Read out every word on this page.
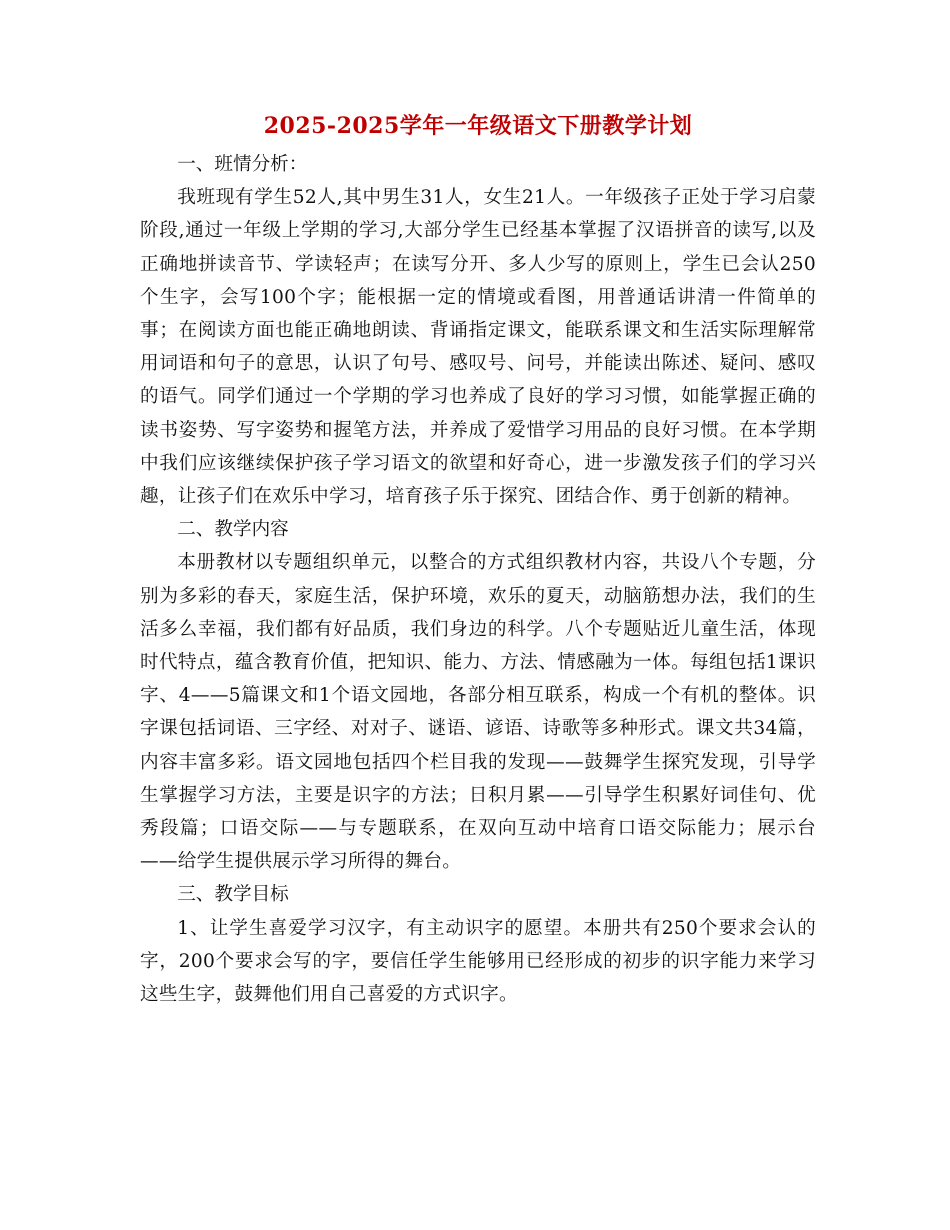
2025-2025学年一年级语文下册教学计划

一、班情分析：

我班现有学生52人,其中男生31人，女生21人。一年级孩子正处于学习启蒙阶段,通过一年级上学期的学习,大部分学生已经基本掌握了汉语拼音的读写,以及正确地拼读音节、学读轻声；在读写分开、多人少写的原则上，学生已会认250个生字，会写100个字；能根据一定的情境或看图，用普通话讲清一件简单的事；在阅读方面也能正确地朗读、背诵指定课文，能联系课文和生活实际理解常用词语和句子的意思，认识了句号、感叹号、问号，并能读出陈述、疑问、感叹的语气。同学们通过一个学期的学习也养成了良好的学习习惯，如能掌握正确的读书姿势、写字姿势和握笔方法，并养成了爱惜学习用品的良好习惯。在本学期中我们应该继续保护孩子学习语文的欲望和好奇心，进一步激发孩子们的学习兴趣，让孩子们在欢乐中学习，培育孩子乐于探究、团结合作、勇于创新的精神。

二、教学内容

本册教材以专题组织单元，以整合的方式组织教材内容，共设八个专题，分别为多彩的春天，家庭生活，保护环境，欢乐的夏天，动脑筋想办法，我们的生活多么幸福，我们都有好品质，我们身边的科学。八个专题贴近儿童生活，体现时代特点，蕴含教育价值，把知识、能力、方法、情感融为一体。每组包括1课识字、4——5篇课文和1个语文园地，各部分相互联系，构成一个有机的整体。识字课包括词语、三字经、对对子、谜语、谚语、诗歌等多种形式。课文共34篇，内容丰富多彩。语文园地包括四个栏目我的发现——鼓舞学生探究发现，引导学生掌握学习方法，主要是识字的方法；日积月累——引导学生积累好词佳句、优秀段篇；口语交际——与专题联系，在双向互动中培育口语交际能力；展示台——给学生提供展示学习所得的舞台。

三、教学目标

1、让学生喜爱学习汉字，有主动识字的愿望。本册共有250个要求会认的字，200个要求会写的字，要信任学生能够用已经形成的初步的识字能力来学习这些生字，鼓舞他们用自己喜爱的方式识字。
